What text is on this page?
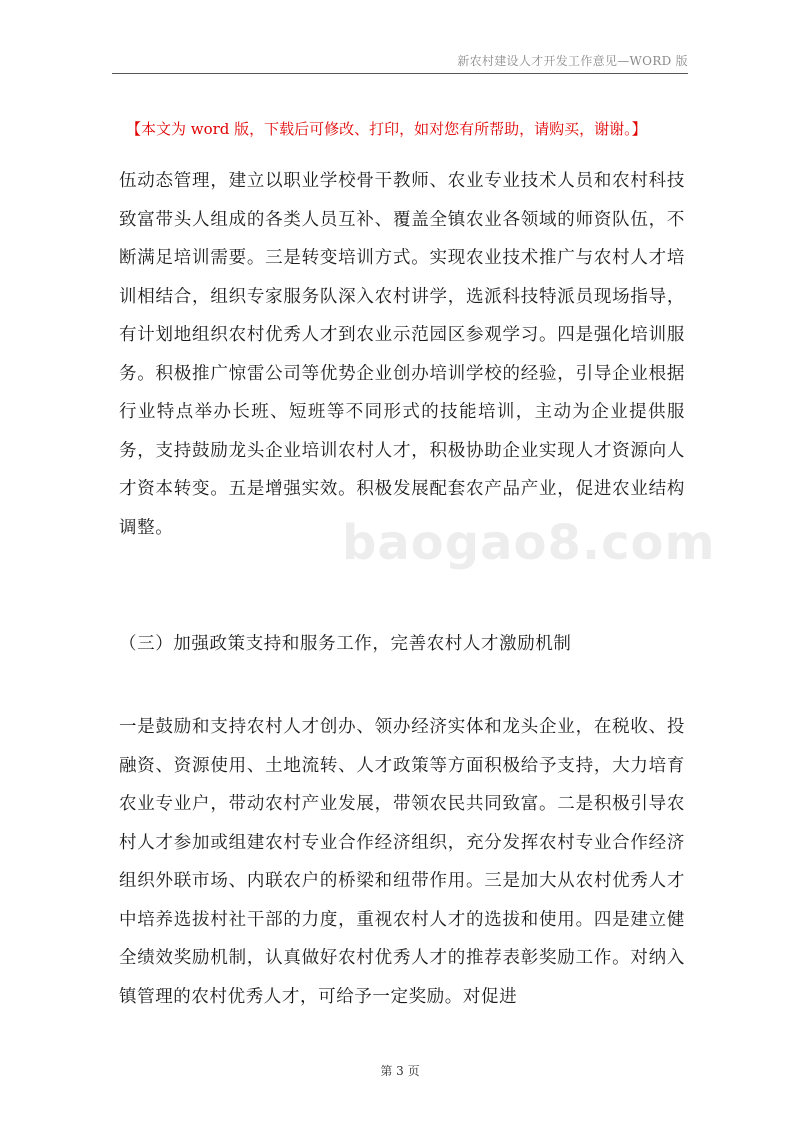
新农村建设人才开发工作意见—WORD 版
【本文为 word 版，下载后可修改、打印，如对您有所帮助，请购买，谢谢。】

伍动态管理，建立以职业学校骨干教师、农业专业技术人员和农村科技致富带头人组成的各类人员互补、覆盖全镇农业各领域的师资队伍，不断满足培训需要。三是转变培训方式。实现农业技术推广与农村人才培训相结合，组织专家服务队深入农村讲学，选派科技特派员现场指导，有计划地组织农村优秀人才到农业示范园区参观学习。四是强化培训服务。积极推广惊雷公司等优势企业创办培训学校的经验，引导企业根据行业特点举办长班、短班等不同形式的技能培训，主动为企业提供服务，支持鼓励龙头企业培训农村人才，积极协助企业实现人才资源向人才资本转变。五是增强实效。积极发展配套农产品产业，促进农业结构调整。	baogao8.com

（三）加强政策支持和服务工作，完善农村人才激励机制

一是鼓励和支持农村人才创办、领办经济实体和龙头企业，在税收、投融资、资源使用、土地流转、人才政策等方面积极给予支持，大力培育农业专业户，带动农村产业发展，带领农民共同致富。二是积极引导农村人才参加或组建农村专业合作经济组织，充分发挥农村专业合作经济组织外联市场、内联农户的桥梁和纽带作用。三是加大从农村优秀人才中培养选拔村社干部的力度，重视农村人才的选拔和使用。四是建立健全绩效奖励机制，认真做好农村优秀人才的推荐表彰奖励工作。对纳入镇管理的农村优秀人才，可给予一定奖励。对促进

第 3 页
